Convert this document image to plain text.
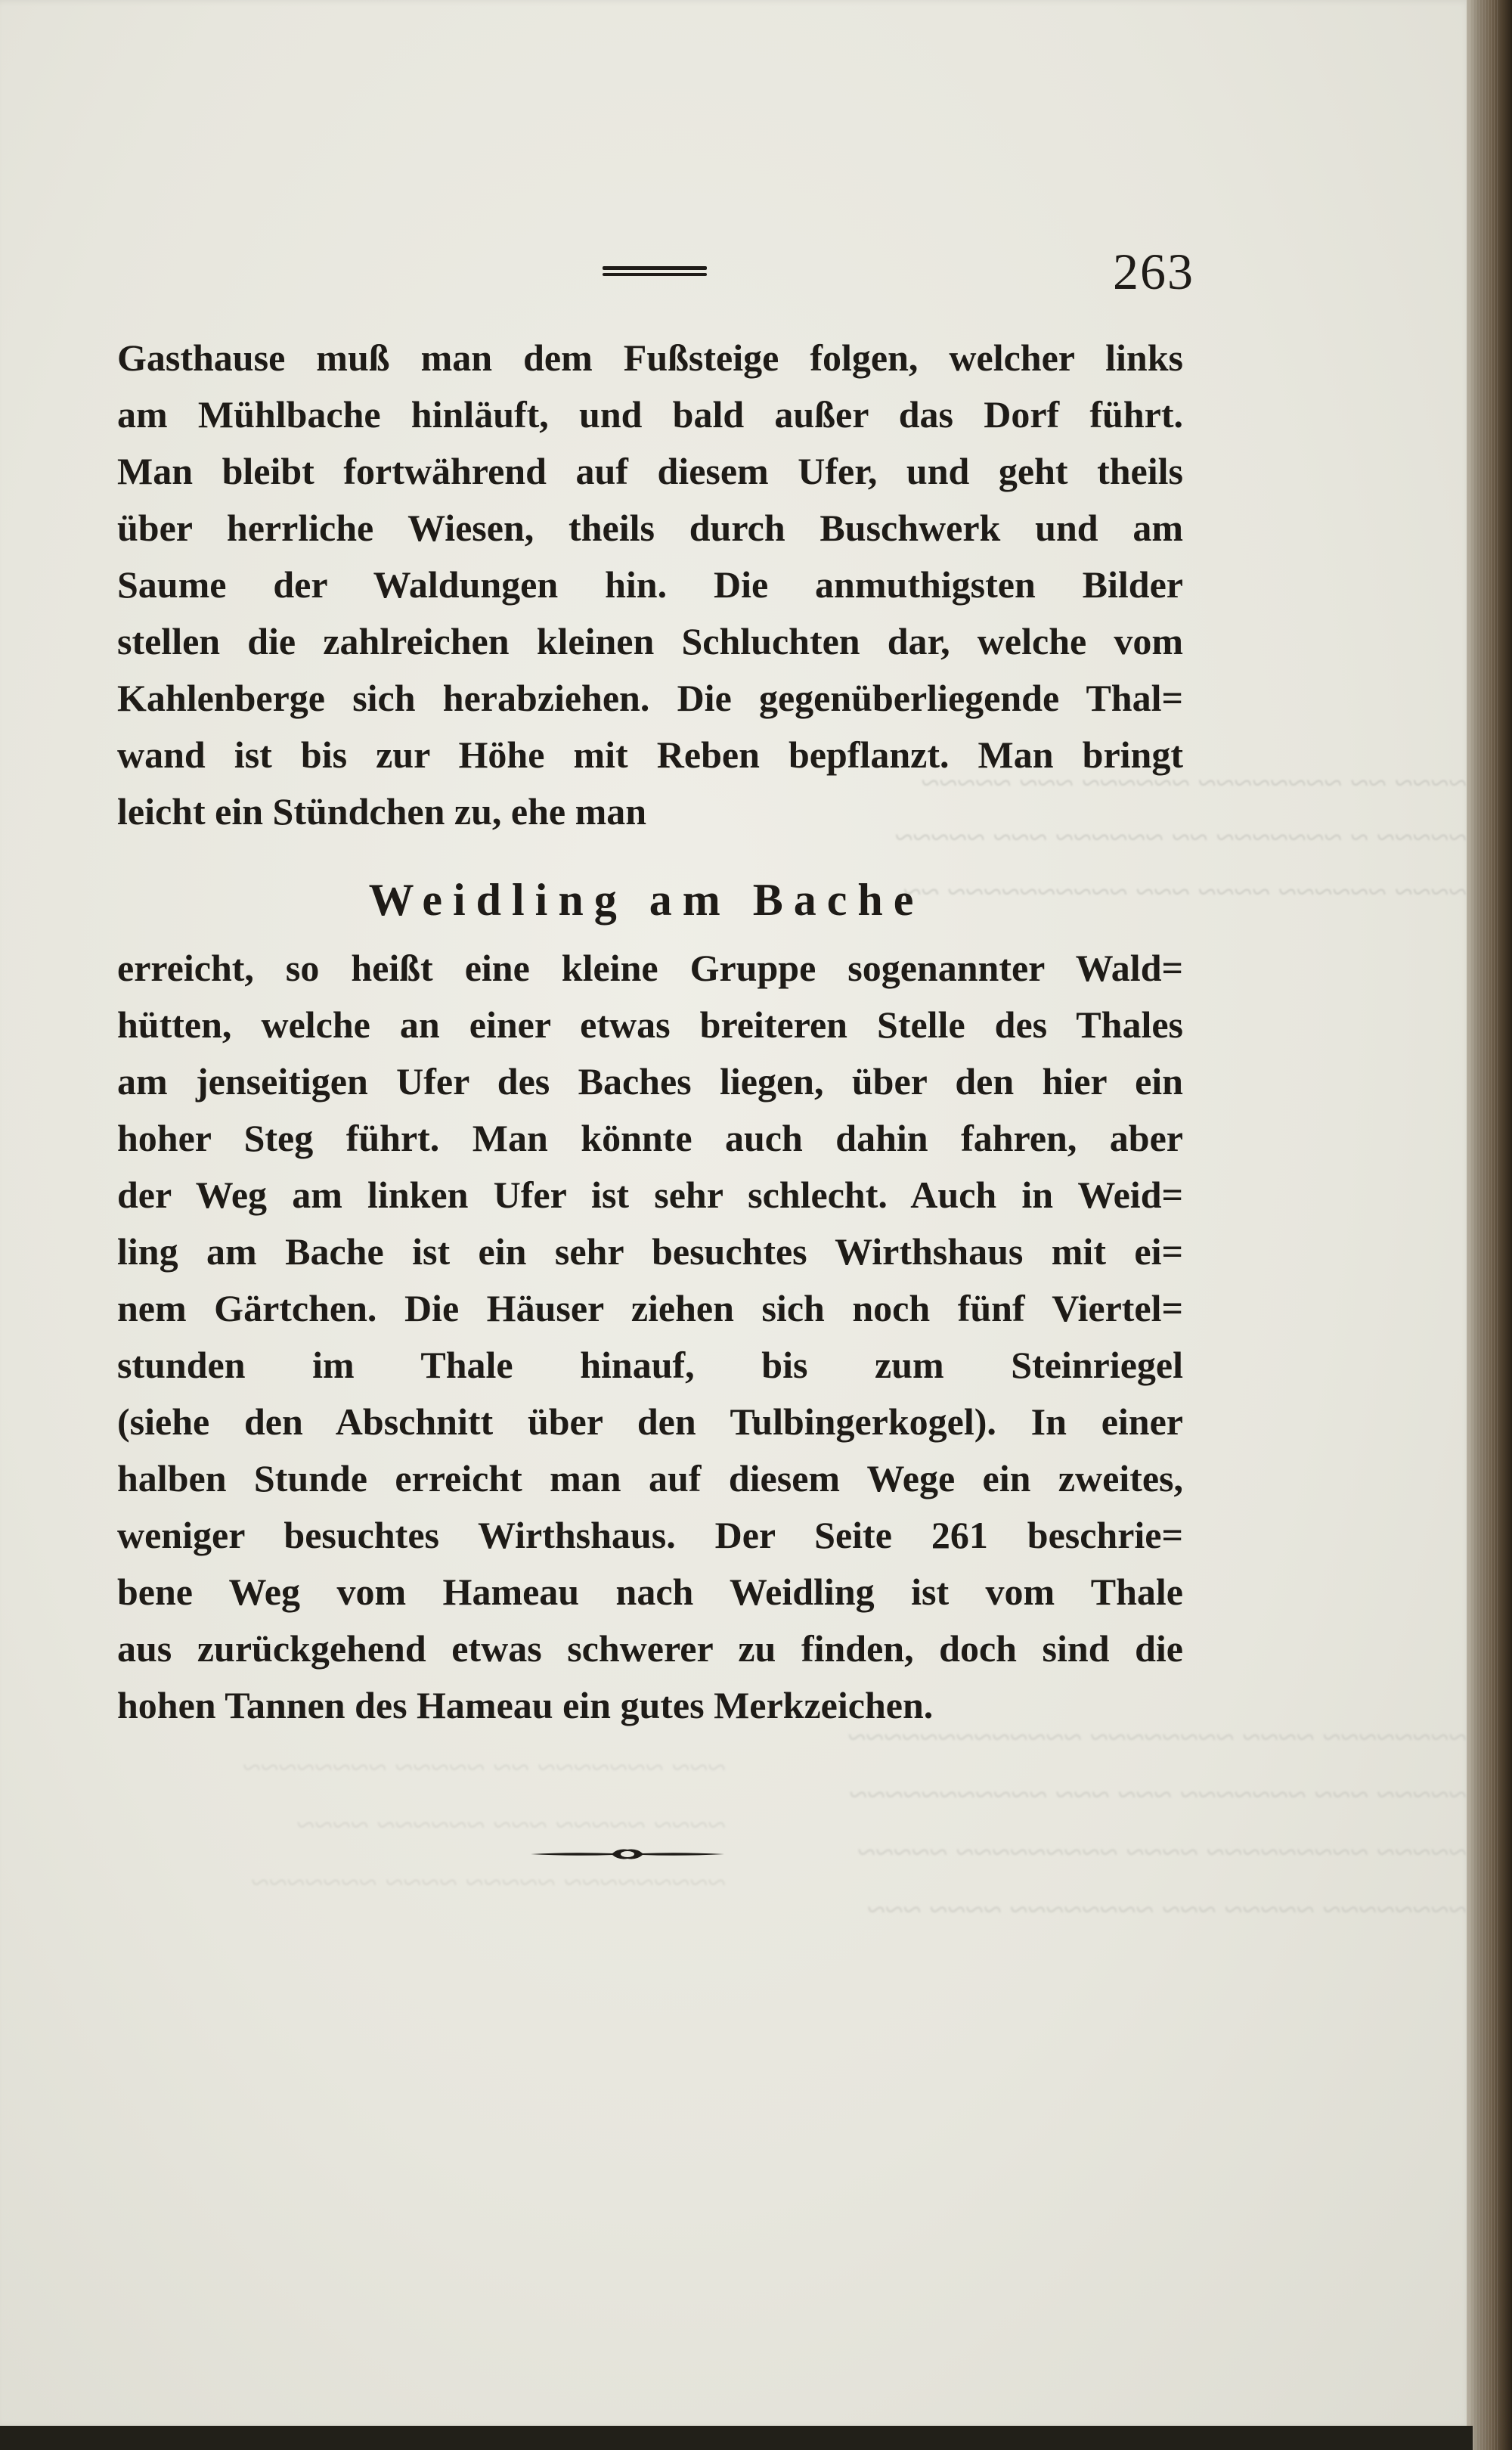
~~~~ ~~ ~~~~~~~~ ~~~~~~ ~~~ ~~~~~
~~~~~ ~ ~~~~~~~ ~~ ~~~~~~ ~~~ ~~~~~
~~~~ ~~~~~~ ~~~~ ~~~ ~~~~~~~~~~ ~~
~~~~~~~~ ~~~~ ~~~~~~~~ ~~~~~~~~~~~~~
~~~~~ ~~~ ~~~~~~~ ~~~ ~~~ ~~~~~~~~~~~
~~~~~ ~~~~~~~~~ ~~~~ ~~~~~~~~~ ~~~~~
~~~~~~~~ ~~~~~ ~~~ ~~~~~~~~ ~~~~ ~~~
~~~ ~~~~~~~ ~~ ~~~~~ ~~~~~~~~
~~~~ ~~~~~ ~~~ ~~~~~~ ~~~~
~~~~~~~~~ ~~~~~ ~~~~ ~~~~~~~
263
Gasthause muß man dem Fußsteige folgen, welcher links
am Mühlbache hinläuft, und bald außer das Dorf führt.
Man bleibt fortwährend auf diesem Ufer, und geht theils
über herrliche Wiesen, theils durch Buschwerk und am
Saume der Waldungen hin. Die anmuthigsten Bilder
stellen die zahlreichen kleinen Schluchten dar, welche vom
Kahlenberge sich herabziehen. Die gegenüberliegende Thal=
wand ist bis zur Höhe mit Reben bepflanzt. Man bringt
leicht ein Stündchen zu, ehe man
Weidling am Bache
erreicht, so heißt eine kleine Gruppe sogenannter Wald=
hütten, welche an einer etwas breiteren Stelle des Thales
am jenseitigen Ufer des Baches liegen, über den hier ein
hoher Steg führt. Man könnte auch dahin fahren, aber
der Weg am linken Ufer ist sehr schlecht. Auch in Weid=
ling am Bache ist ein sehr besuchtes Wirthshaus mit ei=
nem Gärtchen. Die Häuser ziehen sich noch fünf Viertel=
stunden im Thale hinauf, bis zum Steinriegel
(siehe den Abschnitt über den Tulbingerkogel). In einer
halben Stunde erreicht man auf diesem Wege ein zweites,
weniger besuchtes Wirthshaus. Der Seite 261 beschrie=
bene Weg vom Hameau nach Weidling ist vom Thale
aus zurückgehend etwas schwerer zu finden, doch sind die
hohen Tannen des Hameau ein gutes Merkzeichen.
